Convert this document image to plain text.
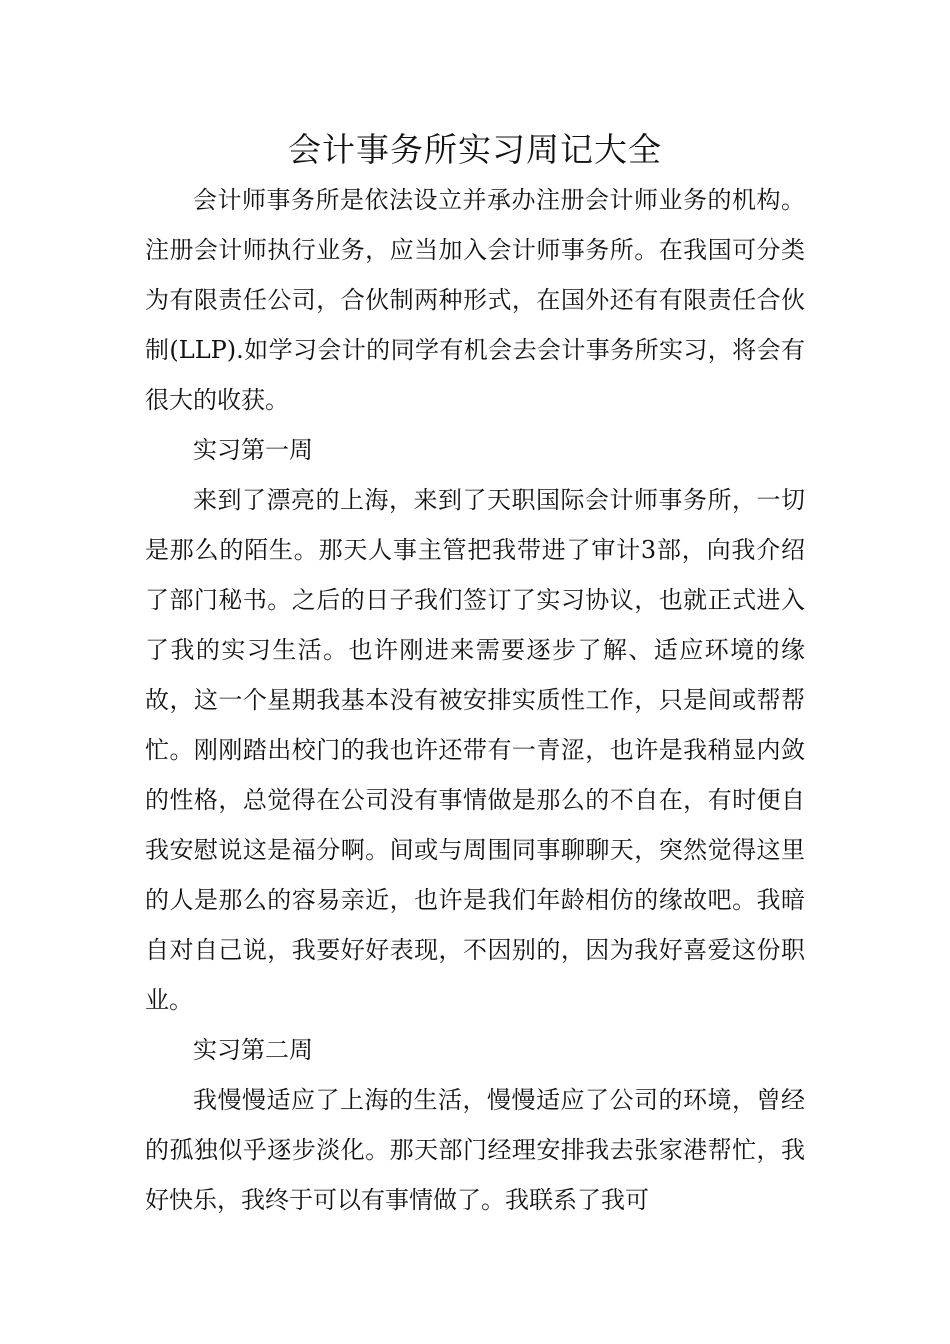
会计事务所实习周记大全

会计师事务所是依法设立并承办注册会计师业务的机构。注册会计师执行业务，应当加入会计师事务所。在我国可分类为有限责任公司，合伙制两种形式，在国外还有有限责任合伙制(LLP).如学习会计的同学有机会去会计事务所实习，将会有很大的收获。

实习第一周

来到了漂亮的上海，来到了天职国际会计师事务所，一切是那么的陌生。那天人事主管把我带进了审计3部，向我介绍了部门秘书。之后的日子我们签订了实习协议，也就正式进入了我的实习生活。也许刚进来需要逐步了解、适应环境的缘故，这一个星期我基本没有被安排实质性工作，只是间或帮帮忙。刚刚踏出校门的我也许还带有一青涩，也许是我稍显内敛的性格，总觉得在公司没有事情做是那么的不自在，有时便自我安慰说这是福分啊。间或与周围同事聊聊天，突然觉得这里的人是那么的容易亲近，也许是我们年龄相仿的缘故吧。我暗自对自己说，我要好好表现，不因别的，因为我好喜爱这份职业。

实习第二周

我慢慢适应了上海的生活，慢慢适应了公司的环境，曾经的孤独似乎逐步淡化。那天部门经理安排我去张家港帮忙，我好快乐，我终于可以有事情做了。我联系了我可
